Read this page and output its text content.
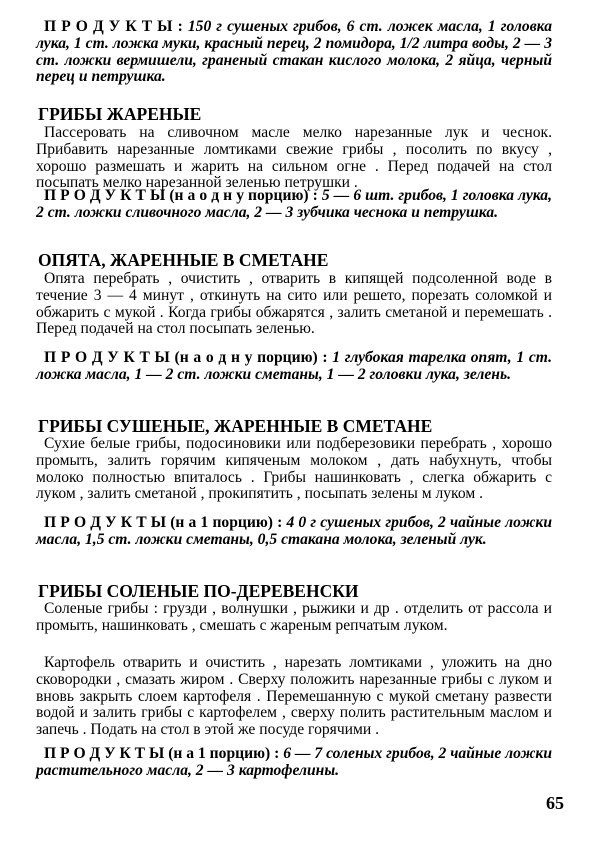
П Р О Д У К Т Ы : 150 г сушеных грибов, 6 ст. ложек масла, 1 головка лука, 1 ст. ложка муки, красный перец, 2 помидора, 1/2 литра воды, 2 — 3 ст. ложки вермишели, граненый стакан кислого молока, 2 яйца, черный перец и петрушка.

ГРИБЫ ЖАРЕНЫЕ

Пассеровать на сливочном масле мелко нарезанные лук и чеснок. Прибавить нарезанные ломтиками свежие грибы , посолить по вкусу , хорошо размешать и жарить на сильном огне . Перед подачей на стол посыпать мелко нарезанной зеленью петрушки .

П Р О Д У К Т Ы (н а о д н у порцию) : 5 — 6 шт. грибов, 1 головка лука, 2 ст. ложки сливочного масла, 2 — 3 зубчика чеснока и петрушка.

ОПЯТА, ЖАРЕННЫЕ В СМЕТАНЕ

Опята перебрать , очистить , отварить в кипящей подсоленной воде в течение 3 — 4 минут , откинуть на сито или решето, порезать соломкой и обжарить с мукой . Когда грибы обжарятся , залить сметаной и перемешать . Перед подачей на стол посыпать зеленью.

П Р О Д У К Т Ы (н а о д н у порцию) : 1 глубокая тарелка опят, 1 ст. ложка масла, 1 — 2 ст. ложки сметаны, 1 — 2 головки лука, зелень.

ГРИБЫ СУШЕНЫЕ, ЖАРЕННЫЕ В СМЕТАНЕ

Сухие белые грибы, подосиновики или подберезовики перебрать , хорошо промыть, залить горячим кипяченым молоком , дать набухнуть, чтобы молоко полностью впиталось . Грибы нашинковать , слегка обжарить с луком , залить сметаной , прокипятить , посыпать зелены м луком .

П Р О Д У К Т Ы (н а 1 порцию) : 4 0 г сушеных грибов, 2 чайные ложки масла, 1,5 ст. ложки сметаны, 0,5 стакана молока, зеленый лук.

ГРИБЫ СОЛЕНЫЕ ПО-ДЕРЕВЕНСКИ

Соленые грибы : грузди , волнушки , рыжики и др . отделить от рассола и промыть, нашинковать , смешать с жареным репчатым луком.

Картофель отварить и очистить , нарезать ломтиками , уложить на дно сковородки , смазать жиром . Сверху положить нарезанные грибы с луком и вновь закрыть слоем картофеля . Перемешанную с мукой сметану развести водой и залить грибы с картофелем , сверху полить растительным маслом и запечь . Подать на стол в этой же посуде горячими .

П Р О Д У К Т Ы (н а 1 порцию) : 6 — 7 соленых грибов, 2 чайные ложки растительного масла, 2 — 3 картофелины.

65
